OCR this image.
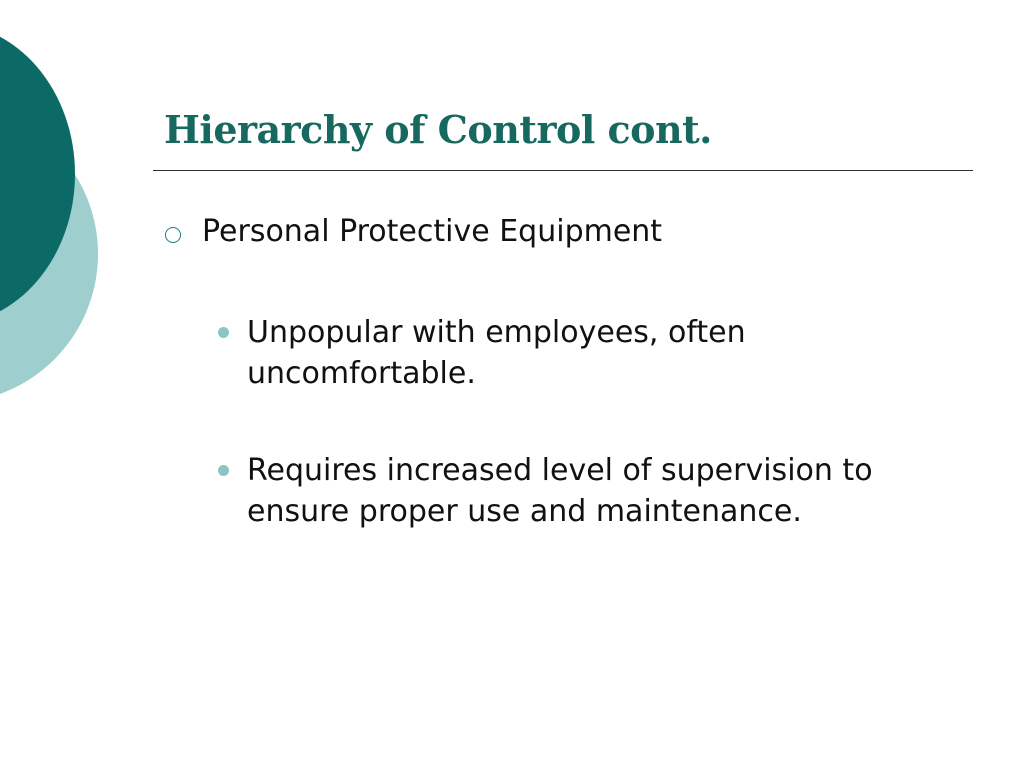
Hierarchy of Control cont.
Personal Protective Equipment
Unpopular with employees, often
uncomfortable.
Requires increased level of supervision to
ensure proper use and maintenance.
